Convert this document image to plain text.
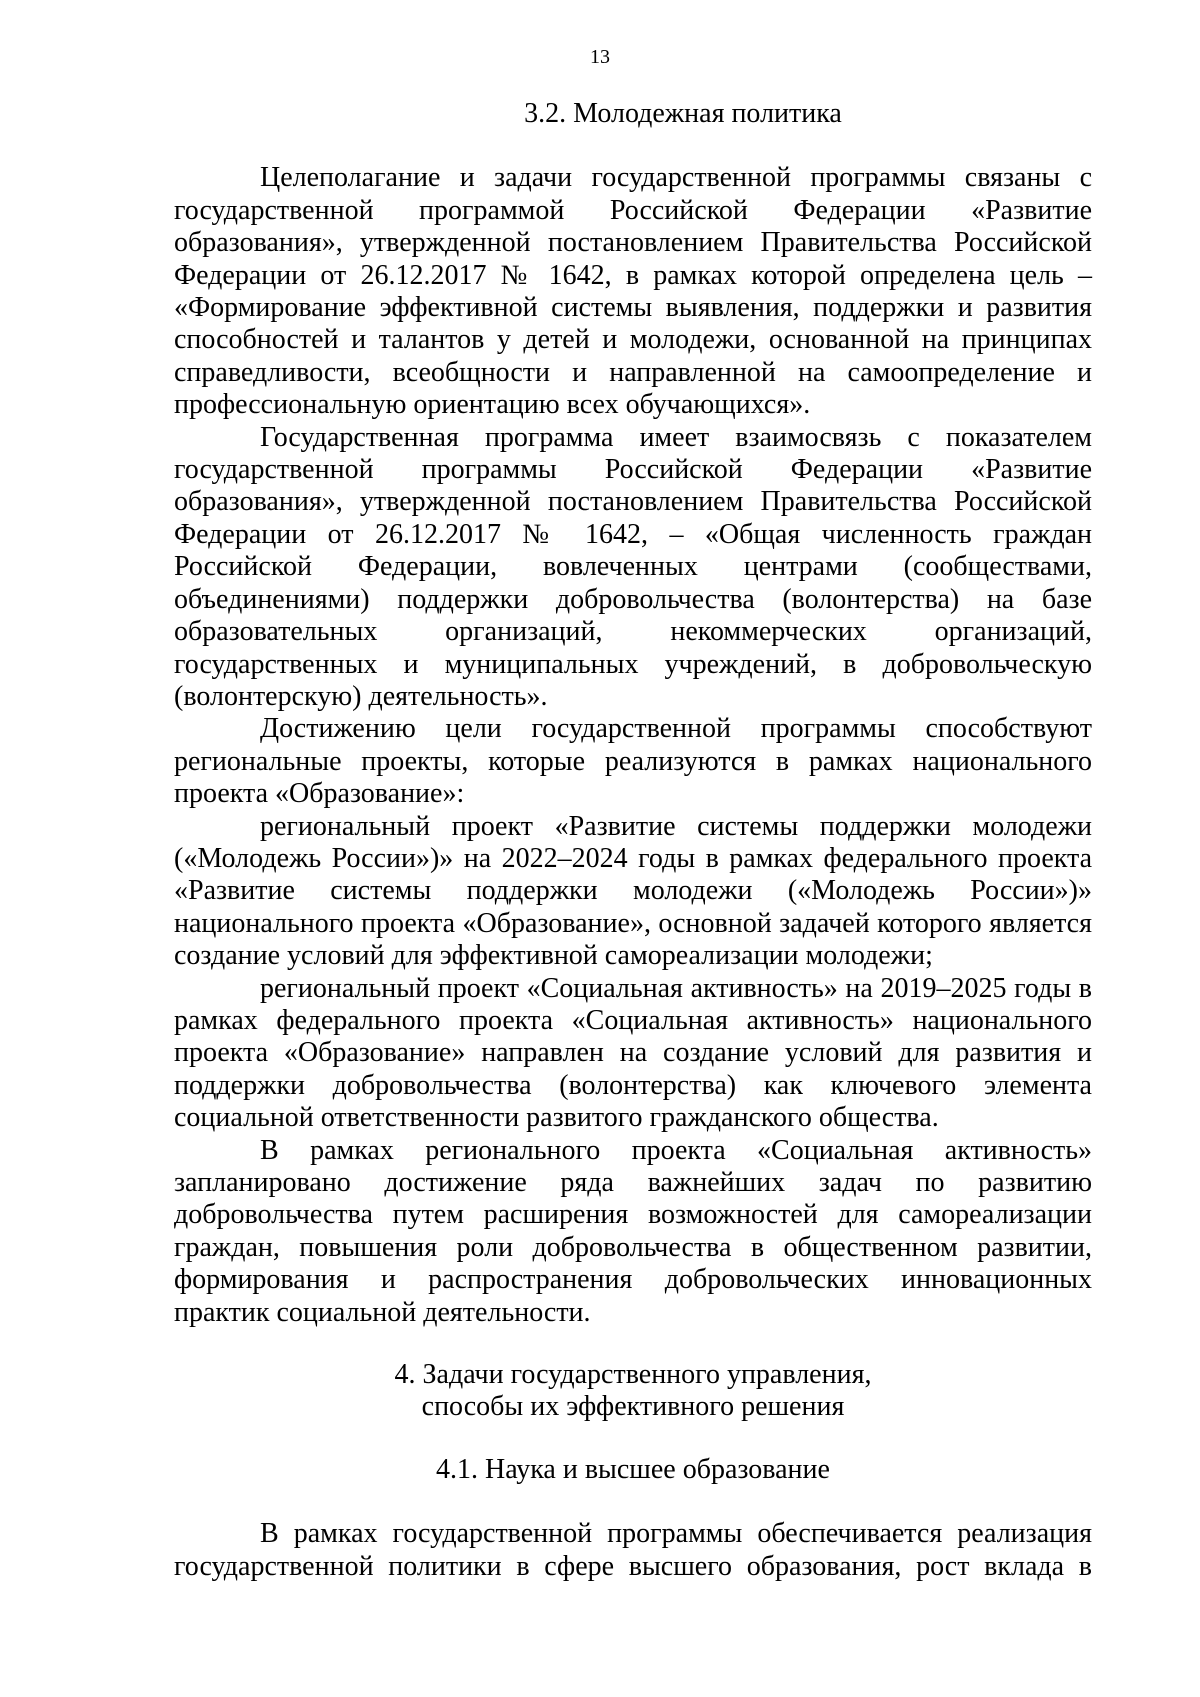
13
3.2. Молодежная политика

Целеполагание и задачи государственной программы связаны с государственной программой Российской Федерации «Развитие образования», утвержденной постановлением Правительства Российской Федерации от 26.12.2017 № 1642, в рамках которой определена цель – «Формирование эффективной системы выявления, поддержки и развития способностей и талантов у детей и молодежи, основанной на принципах справедливости, всеобщности и направленной на самоопределение и профессиональную ориентацию всех обучающихся».

Государственная программа имеет взаимосвязь с показателем государственной программы Российской Федерации «Развитие образования», утвержденной постановлением Правительства Российской Федерации от 26.12.2017 № 1642, – «Общая численность граждан Российской Федерации, вовлеченных центрами (сообществами, объединениями) поддержки добровольчества (волонтерства) на базе образовательных организаций, некоммерческих организаций, государственных и муниципальных учреждений, в добровольческую (волонтерскую) деятельность».

Достижению цели государственной программы способствуют региональные проекты, которые реализуются в рамках национального проекта «Образование»:

региональный проект «Развитие системы поддержки молодежи («Молодежь России»)» на 2022–2024 годы в рамках федерального проекта «Развитие системы поддержки молодежи («Молодежь России»)» национального проекта «Образование», основной задачей которого является создание условий для эффективной самореализации молодежи;

региональный проект «Социальная активность» на 2019–2025 годы в рамках федерального проекта «Социальная активность» национального проекта «Образование» направлен на создание условий для развития и поддержки добровольчества (волонтерства) как ключевого элемента социальной ответственности развитого гражданского общества.

В рамках регионального проекта «Социальная активность» запланировано достижение ряда важнейших задач по развитию добровольчества путем расширения возможностей для самореализации граждан, повышения роли добровольчества в общественном развитии, формирования и распространения добровольческих инновационных практик социальной деятельности.

4. Задачи государственного управления,
способы их эффективного решения
4.1. Наука и высшее образование

В рамках государственной программы обеспечивается реализация государственной политики в сфере высшего образования, рост вклада в
